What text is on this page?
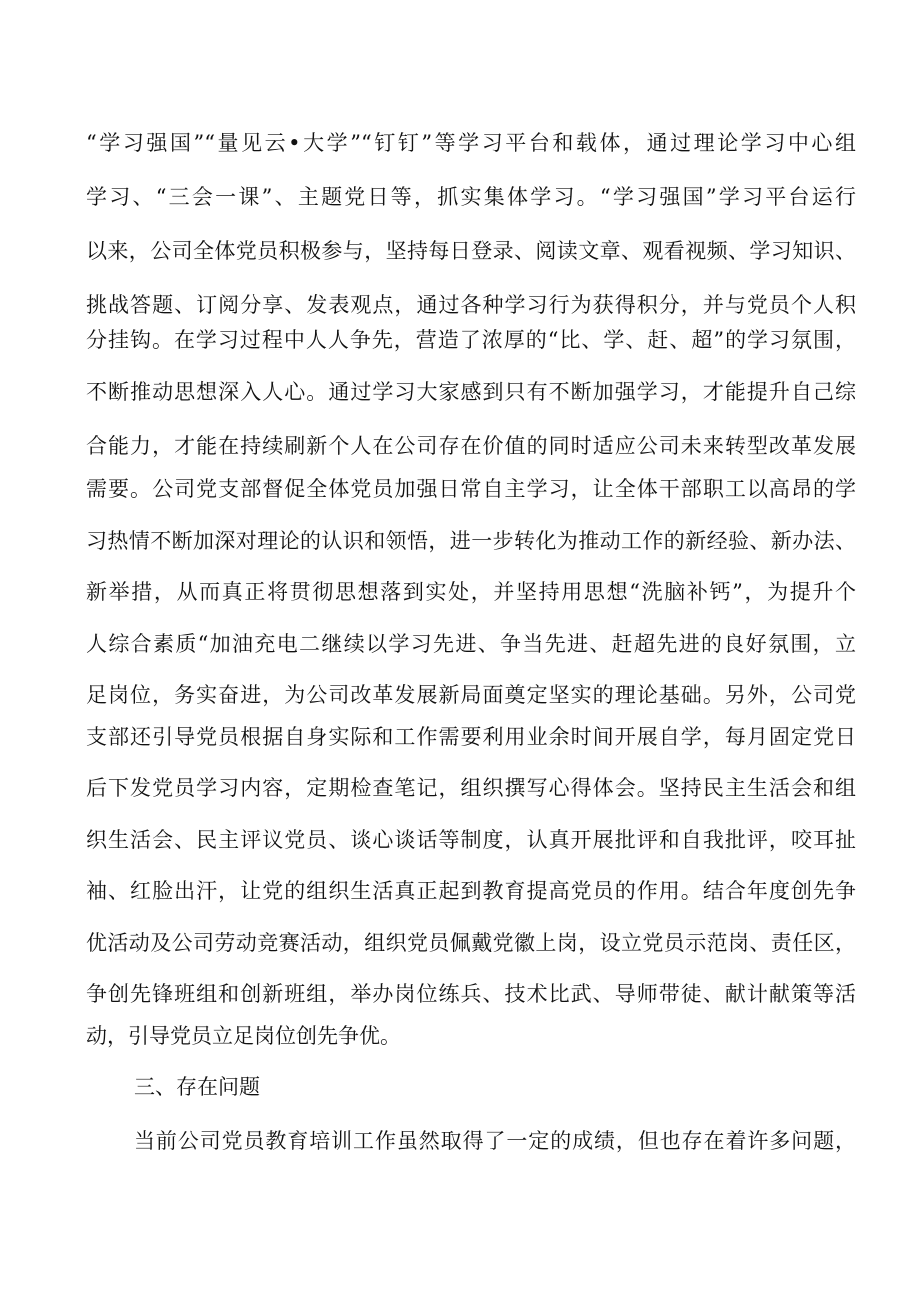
“学习强国”“量见云•大学”“钉钉”等学习平台和载体，通过理论学习中心组
学习、“三会一课”、主题党日等，抓实集体学习。“学习强国”学习平台运行
以来，公司全体党员积极参与，坚持每日登录、阅读文章、观看视频、学习知识、
挑战答题、订阅分享、发表观点，通过各种学习行为获得积分，并与党员个人积
分挂钩。在学习过程中人人争先，营造了浓厚的“比、学、赶、超”的学习氛围，
不断推动思想深入人心。通过学习大家感到只有不断加强学习，才能提升自己综
合能力，才能在持续刷新个人在公司存在价值的同时适应公司未来转型改革发展
需要。公司党支部督促全体党员加强日常自主学习，让全体干部职工以高昂的学
习热情不断加深对理论的认识和领悟，进一步转化为推动工作的新经验、新办法、
新举措，从而真正将贯彻思想落到实处，并坚持用思想“洗脑补钙”，为提升个
人综合素质“加油充电二继续以学习先进、争当先进、赶超先进的良好氛围，立
足岗位，务实奋进，为公司改革发展新局面奠定坚实的理论基础。另外，公司党
支部还引导党员根据自身实际和工作需要利用业余时间开展自学，每月固定党日
后下发党员学习内容，定期检查笔记，组织撰写心得体会。坚持民主生活会和组
织生活会、民主评议党员、谈心谈话等制度，认真开展批评和自我批评，咬耳扯
袖、红脸出汗，让党的组织生活真正起到教育提高党员的作用。结合年度创先争
优活动及公司劳动竞赛活动，组织党员佩戴党徽上岗，设立党员示范岗、责任区，
争创先锋班组和创新班组，举办岗位练兵、技术比武、导师带徒、献计献策等活
动，引导党员立足岗位创先争优。
三、存在问题
当前公司党员教育培训工作虽然取得了一定的成绩，但也存在着许多问题，
